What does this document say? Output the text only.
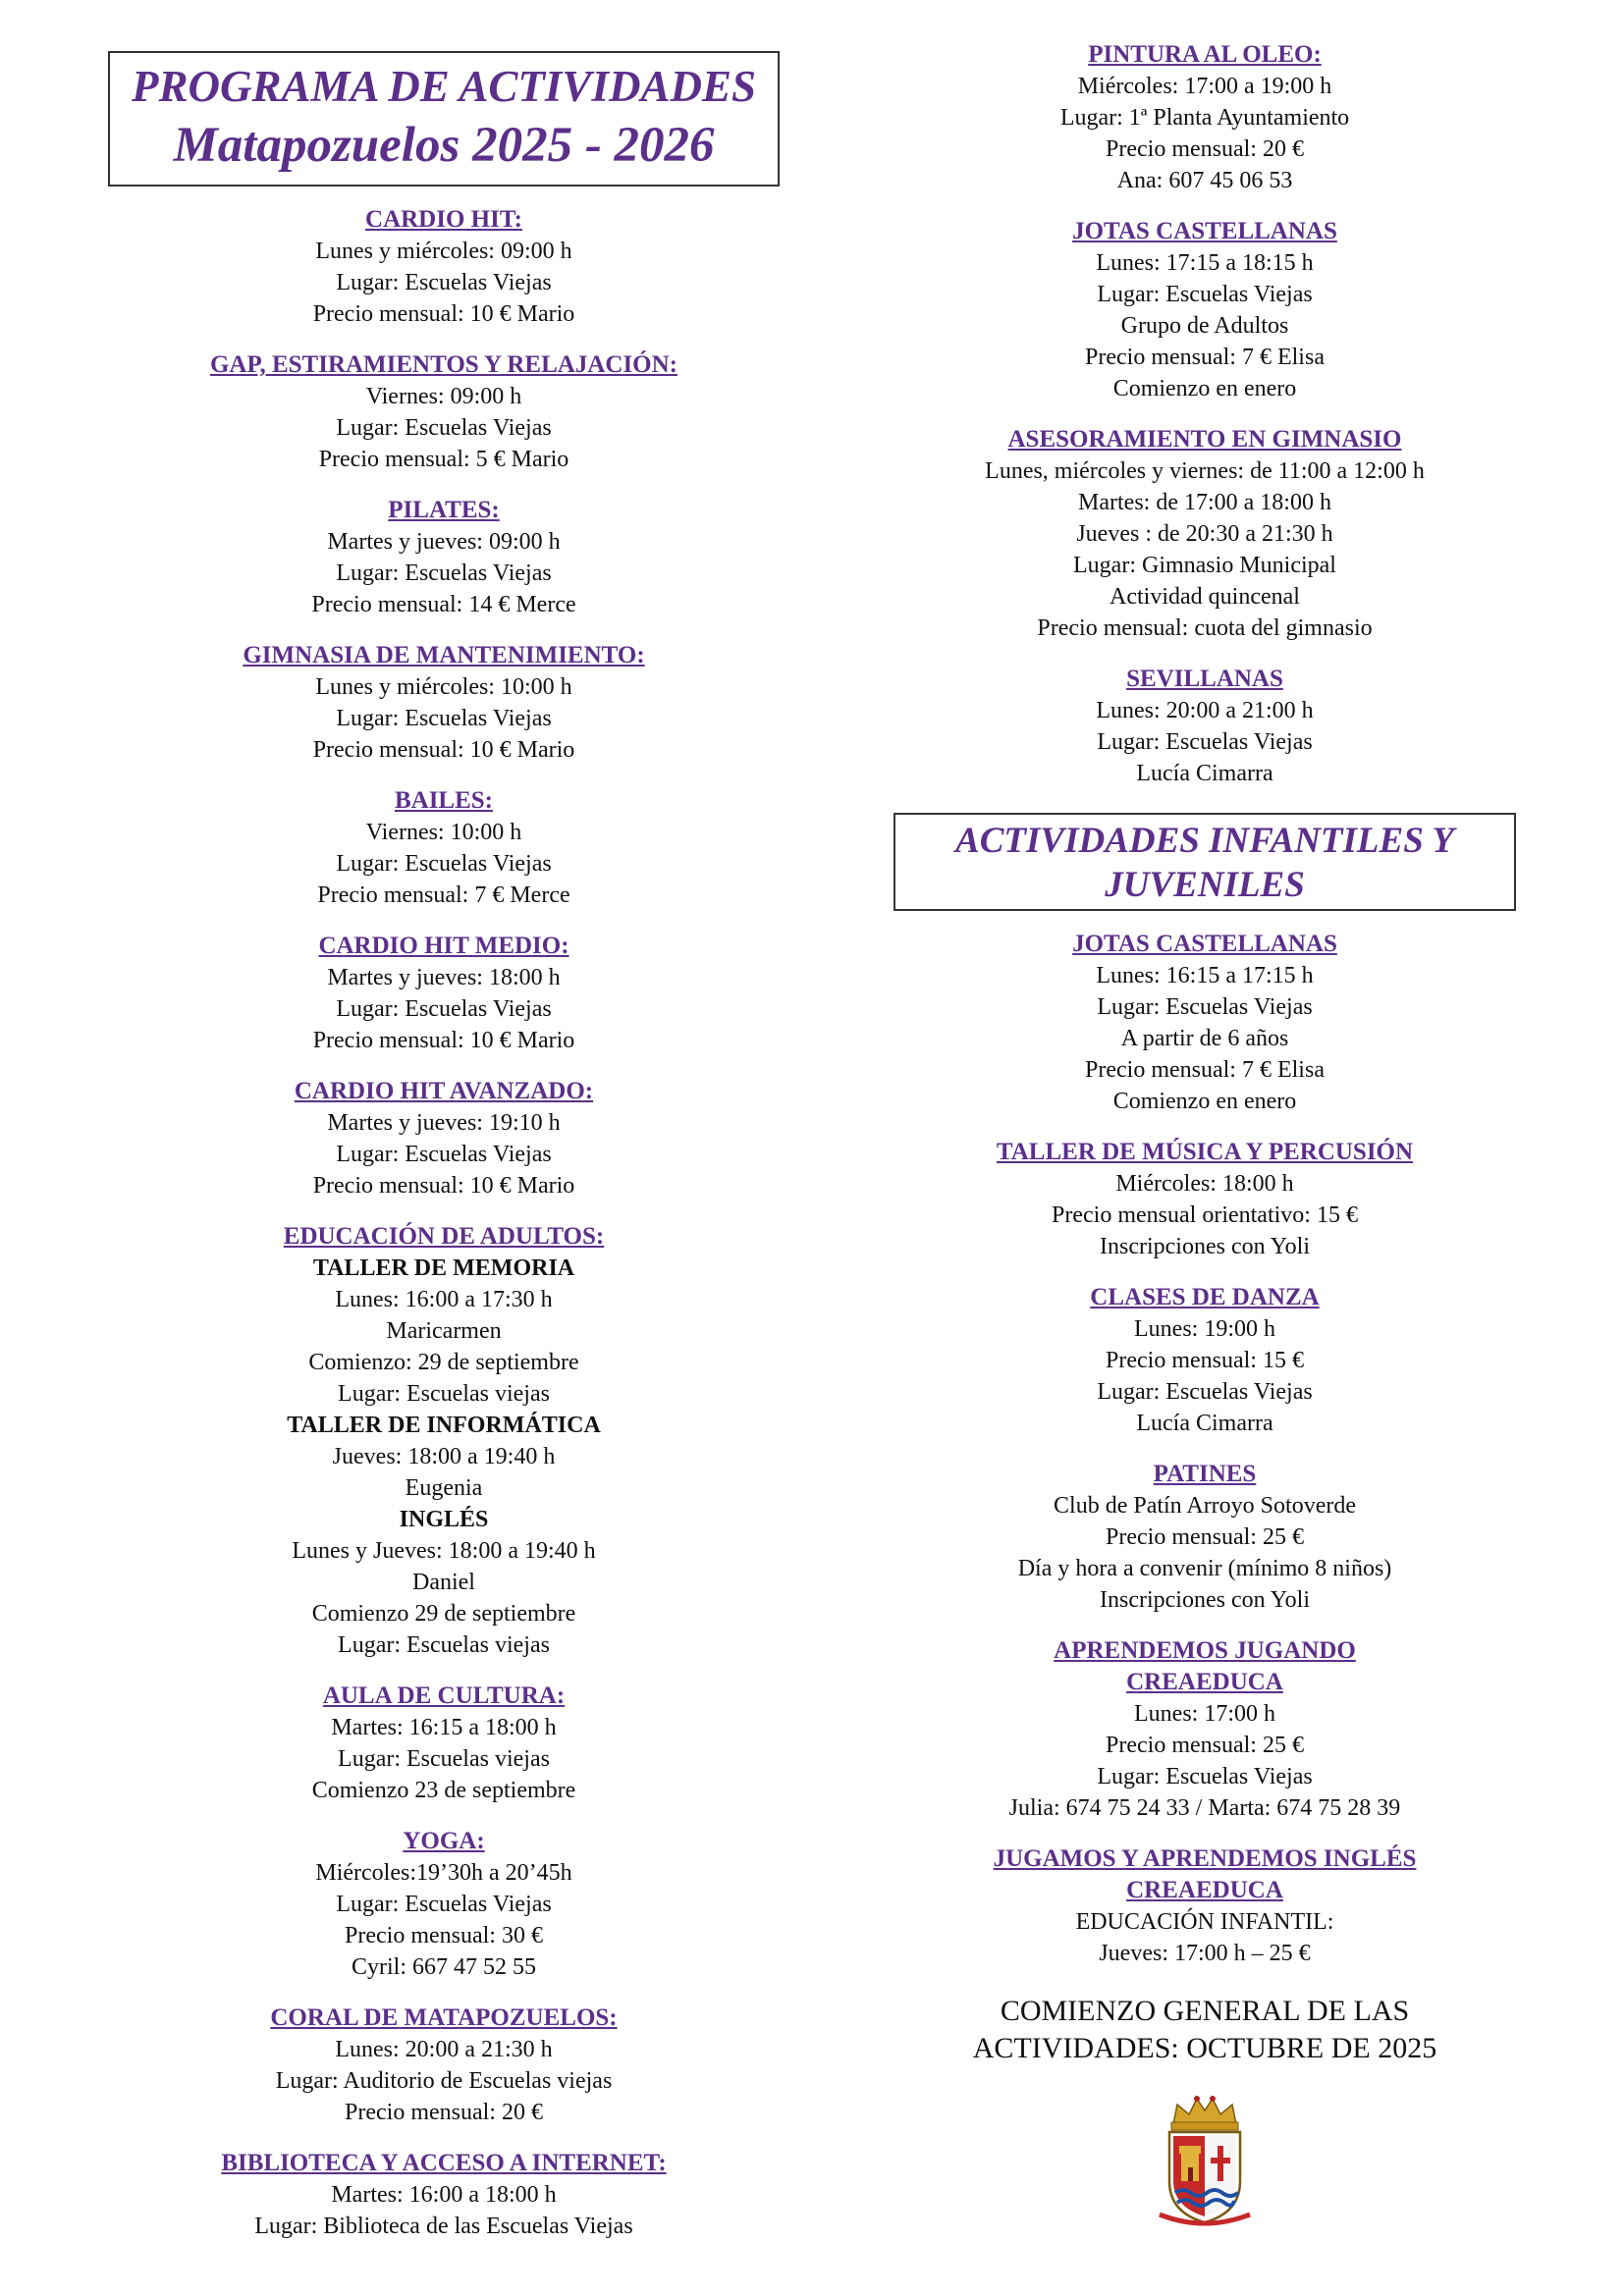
PROGRAMA DE ACTIVIDADES
Matapozuelos 2025 - 2026
CARDIO HIT:
Lunes y miércoles: 09:00 h
Lugar: Escuelas Viejas
Precio mensual: 10 € Mario
GAP, ESTIRAMIENTOS Y RELAJACIÓN:
Viernes: 09:00 h
Lugar: Escuelas Viejas
Precio mensual: 5 € Mario
PILATES:
Martes y jueves: 09:00 h
Lugar: Escuelas Viejas
Precio mensual: 14 € Merce
GIMNASIA DE MANTENIMIENTO:
Lunes y miércoles: 10:00 h
Lugar: Escuelas Viejas
Precio mensual: 10 € Mario
BAILES:
Viernes: 10:00 h
Lugar: Escuelas Viejas
Precio mensual: 7 € Merce
CARDIO HIT MEDIO:
Martes y jueves: 18:00 h
Lugar: Escuelas Viejas
Precio mensual: 10 € Mario
CARDIO HIT AVANZADO:
Martes y jueves: 19:10 h
Lugar: Escuelas Viejas
Precio mensual: 10 € Mario
EDUCACIÓN DE ADULTOS:
TALLER DE MEMORIA
Lunes: 16:00 a 17:30 h
Maricarmen
Comienzo: 29 de septiembre
Lugar: Escuelas viejas
TALLER DE INFORMÁTICA
Jueves: 18:00 a 19:40 h
Eugenia
INGLÉS
Lunes y Jueves: 18:00 a 19:40 h
Daniel
Comienzo 29 de septiembre
Lugar: Escuelas viejas
AULA DE CULTURA:
Martes: 16:15 a 18:00 h
Lugar: Escuelas viejas
Comienzo 23 de septiembre
YOGA:
Miércoles:19’30h a 20’45h
Lugar: Escuelas Viejas
Precio mensual: 30 €
Cyril: 667 47 52 55
CORAL DE MATAPOZUELOS:
Lunes: 20:00 a 21:30 h
Lugar: Auditorio de Escuelas viejas
Precio mensual: 20 €
BIBLIOTECA Y ACCESO A INTERNET:
Martes: 16:00 a 18:00 h
Lugar: Biblioteca de las Escuelas Viejas
PINTURA AL OLEO:
Miércoles: 17:00 a 19:00 h
Lugar: 1ª Planta Ayuntamiento
Precio mensual: 20 €
Ana: 607 45 06 53
JOTAS CASTELLANAS
Lunes: 17:15 a 18:15 h
Lugar: Escuelas Viejas
Grupo de Adultos
Precio mensual: 7 € Elisa
Comienzo en enero
ASESORAMIENTO EN GIMNASIO
Lunes, miércoles y viernes: de 11:00 a 12:00 h
Martes: de 17:00 a 18:00 h
Jueves : de 20:30 a 21:30 h
Lugar: Gimnasio Municipal
Actividad quincenal
Precio mensual: cuota del gimnasio
SEVILLANAS
Lunes: 20:00 a 21:00 h
Lugar: Escuelas Viejas
Lucía Cimarra
ACTIVIDADES INFANTILES Y
JUVENILES
JOTAS CASTELLANAS
Lunes: 16:15 a 17:15 h
Lugar: Escuelas Viejas
A partir de 6 años
Precio mensual: 7 € Elisa
Comienzo en enero
TALLER DE MÚSICA Y PERCUSIÓN
Miércoles: 18:00 h
Precio mensual orientativo: 15 €
Inscripciones con Yoli
CLASES DE DANZA
Lunes: 19:00 h
Precio mensual: 15 €
Lugar: Escuelas Viejas
Lucía Cimarra
PATINES
Club de Patín Arroyo Sotoverde
Precio mensual: 25 €
Día y hora a convenir (mínimo 8 niños)
Inscripciones con Yoli
APRENDEMOS JUGANDO
CREAEDUCA
Lunes: 17:00 h
Precio mensual: 25 €
Lugar: Escuelas Viejas
Julia: 674 75 24 33 / Marta: 674 75 28 39
JUGAMOS Y APRENDEMOS INGLÉS
CREAEDUCA
EDUCACIÓN INFANTIL:
Jueves: 17:00 h – 25 €
COMIENZO GENERAL DE LAS
ACTIVIDADES: OCTUBRE DE 2025
